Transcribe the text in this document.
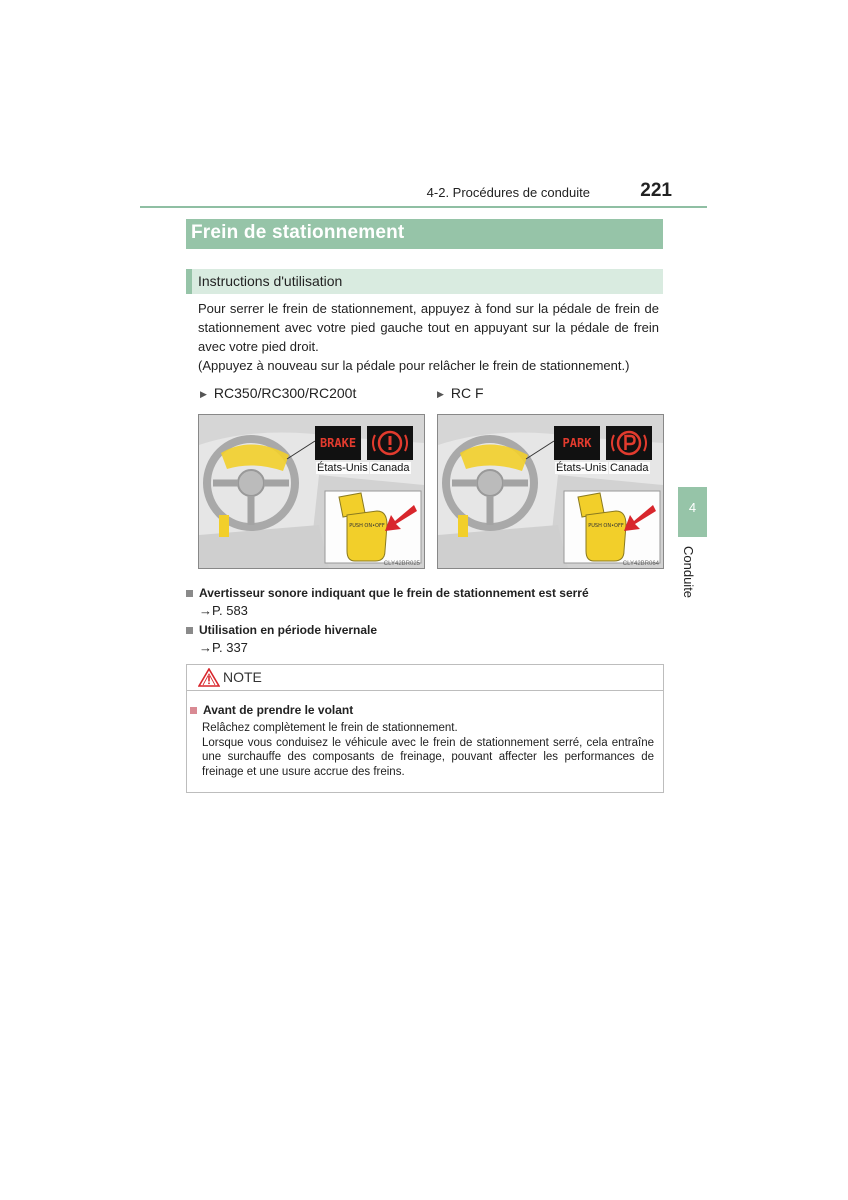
4-2. Procédures de conduite	221
Frein de stationnement
Instructions d'utilisation

Pour serrer le frein de stationnement, appuyez à fond sur la pédale de frein de stationnement avec votre pied gauche tout en appuyant sur la pédale de frein avec votre pied droit.

(Appuyez à nouveau sur la pédale pour relâcher le frein de stationnement.)

▶ RC350/RC300/RC200t	▶ RC F
PUSH ON•OFF
BRAKE
États-Unis Canada
CLY42BR025
PUSH ON•OFF
PARK
États-Unis Canada
CLY42BR064
4
Conduite
Avertisseur sonore indiquant que le frein de stationnement est serré
→P. 583
Utilisation en période hivernale
→P. 337
NOTE
Avant de prendre le volant

Relâchez complètement le frein de stationnement.

Lorsque vous conduisez le véhicule avec le frein de stationnement serré, cela entraîne une surchauffe des composants de freinage, pouvant affecter les performances de freinage et une usure accrue des freins.
